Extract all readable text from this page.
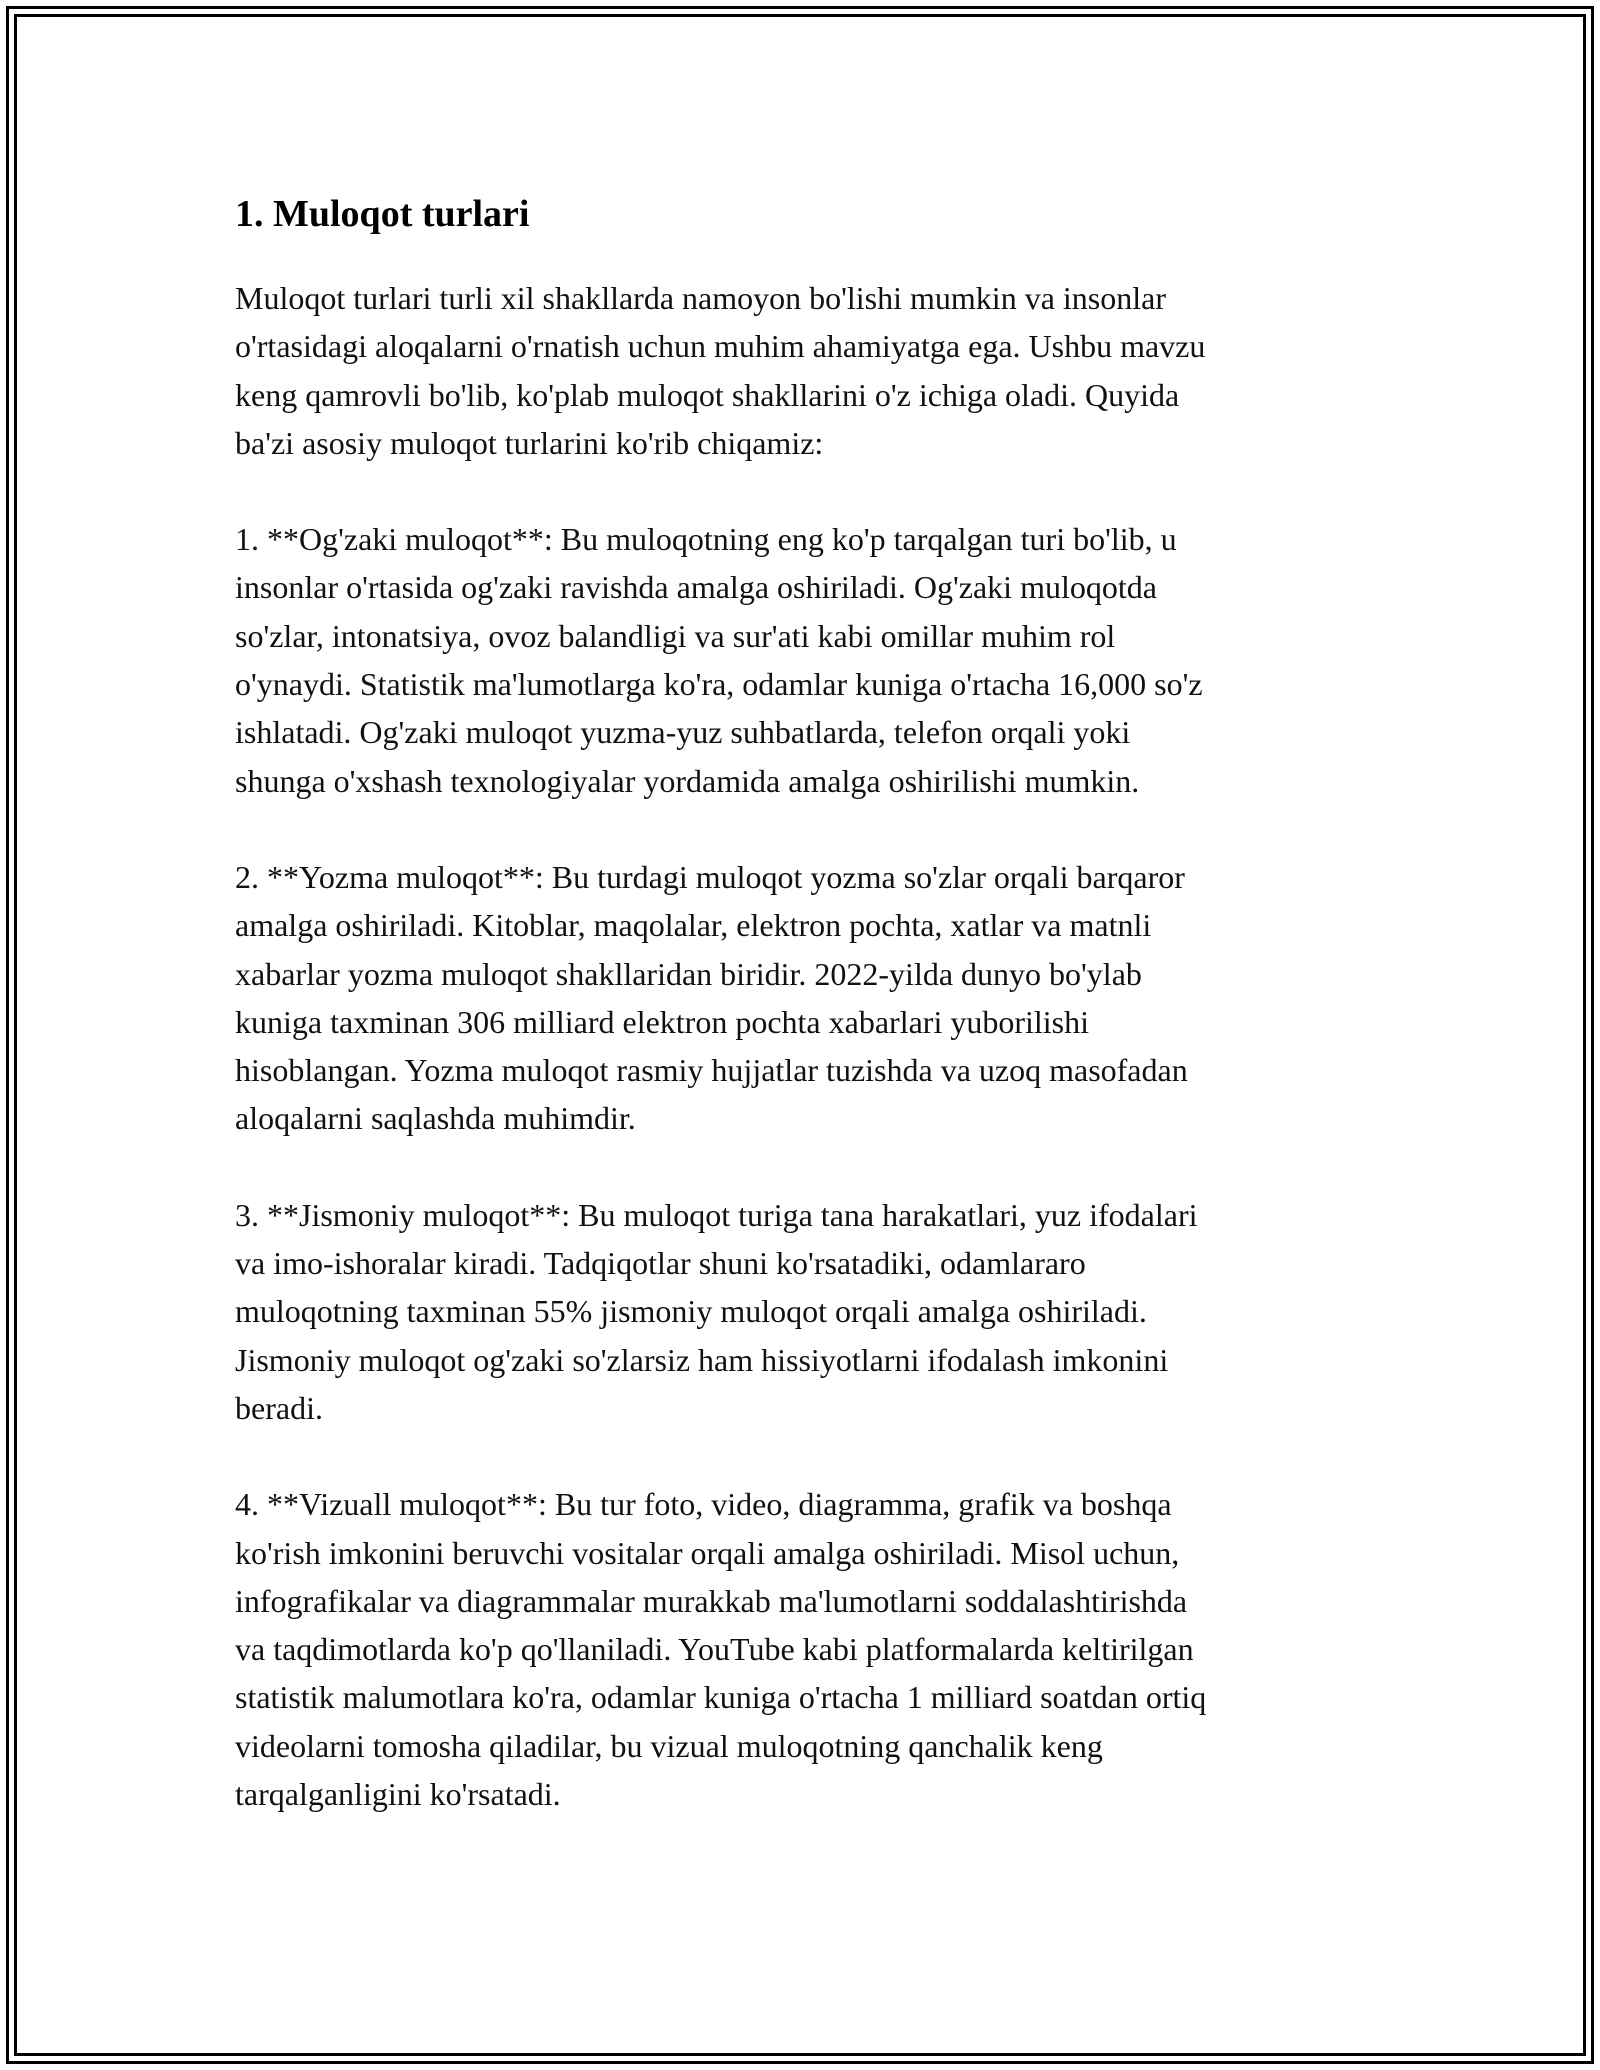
1. Muloqot turlari

Muloqot turlari turli xil shakllarda namoyon bo'lishi mumkin va insonlar
o'rtasidagi aloqalarni o'rnatish uchun muhim ahamiyatga ega. Ushbu mavzu
keng qamrovli bo'lib, ko'plab muloqot shakllarini o'z ichiga oladi. Quyida
ba'zi asosiy muloqot turlarini ko'rib chiqamiz:

1. **Og'zaki muloqot**: Bu muloqotning eng ko'p tarqalgan turi bo'lib, u
insonlar o'rtasida og'zaki ravishda amalga oshiriladi. Og'zaki muloqotda
so'zlar, intonatsiya, ovoz balandligi va sur'ati kabi omillar muhim rol
o'ynaydi. Statistik ma'lumotlarga ko'ra, odamlar kuniga o'rtacha 16,000 so'z
ishlatadi. Og'zaki muloqot yuzma-yuz suhbatlarda, telefon orqali yoki
shunga o'xshash texnologiyalar yordamida amalga oshirilishi mumkin.

2. **Yozma muloqot**: Bu turdagi muloqot yozma so'zlar orqali barqaror
amalga oshiriladi. Kitoblar, maqolalar, elektron pochta, xatlar va matnli
xabarlar yozma muloqot shakllaridan biridir. 2022-yilda dunyo bo'ylab
kuniga taxminan 306 milliard elektron pochta xabarlari yuborilishi
hisoblangan. Yozma muloqot rasmiy hujjatlar tuzishda va uzoq masofadan
aloqalarni saqlashda muhimdir.

3. **Jismoniy muloqot**: Bu muloqot turiga tana harakatlari, yuz ifodalari
va imo-ishoralar kiradi. Tadqiqotlar shuni ko'rsatadiki, odamlararo
muloqotning taxminan 55% jismoniy muloqot orqali amalga oshiriladi.
Jismoniy muloqot og'zaki so'zlarsiz ham hissiyotlarni ifodalash imkonini
beradi.

4. **Vizuall muloqot**: Bu tur foto, video, diagramma, grafik va boshqa
ko'rish imkonini beruvchi vositalar orqali amalga oshiriladi. Misol uchun,
infografikalar va diagrammalar murakkab ma'lumotlarni soddalashtirishda
va taqdimotlarda ko'p qo'llaniladi. YouTube kabi platformalarda keltirilgan
statistik malumotlara ko'ra, odamlar kuniga o'rtacha 1 milliard soatdan ortiq
videolarni tomosha qiladilar, bu vizual muloqotning qanchalik keng
tarqalganligini ko'rsatadi.
